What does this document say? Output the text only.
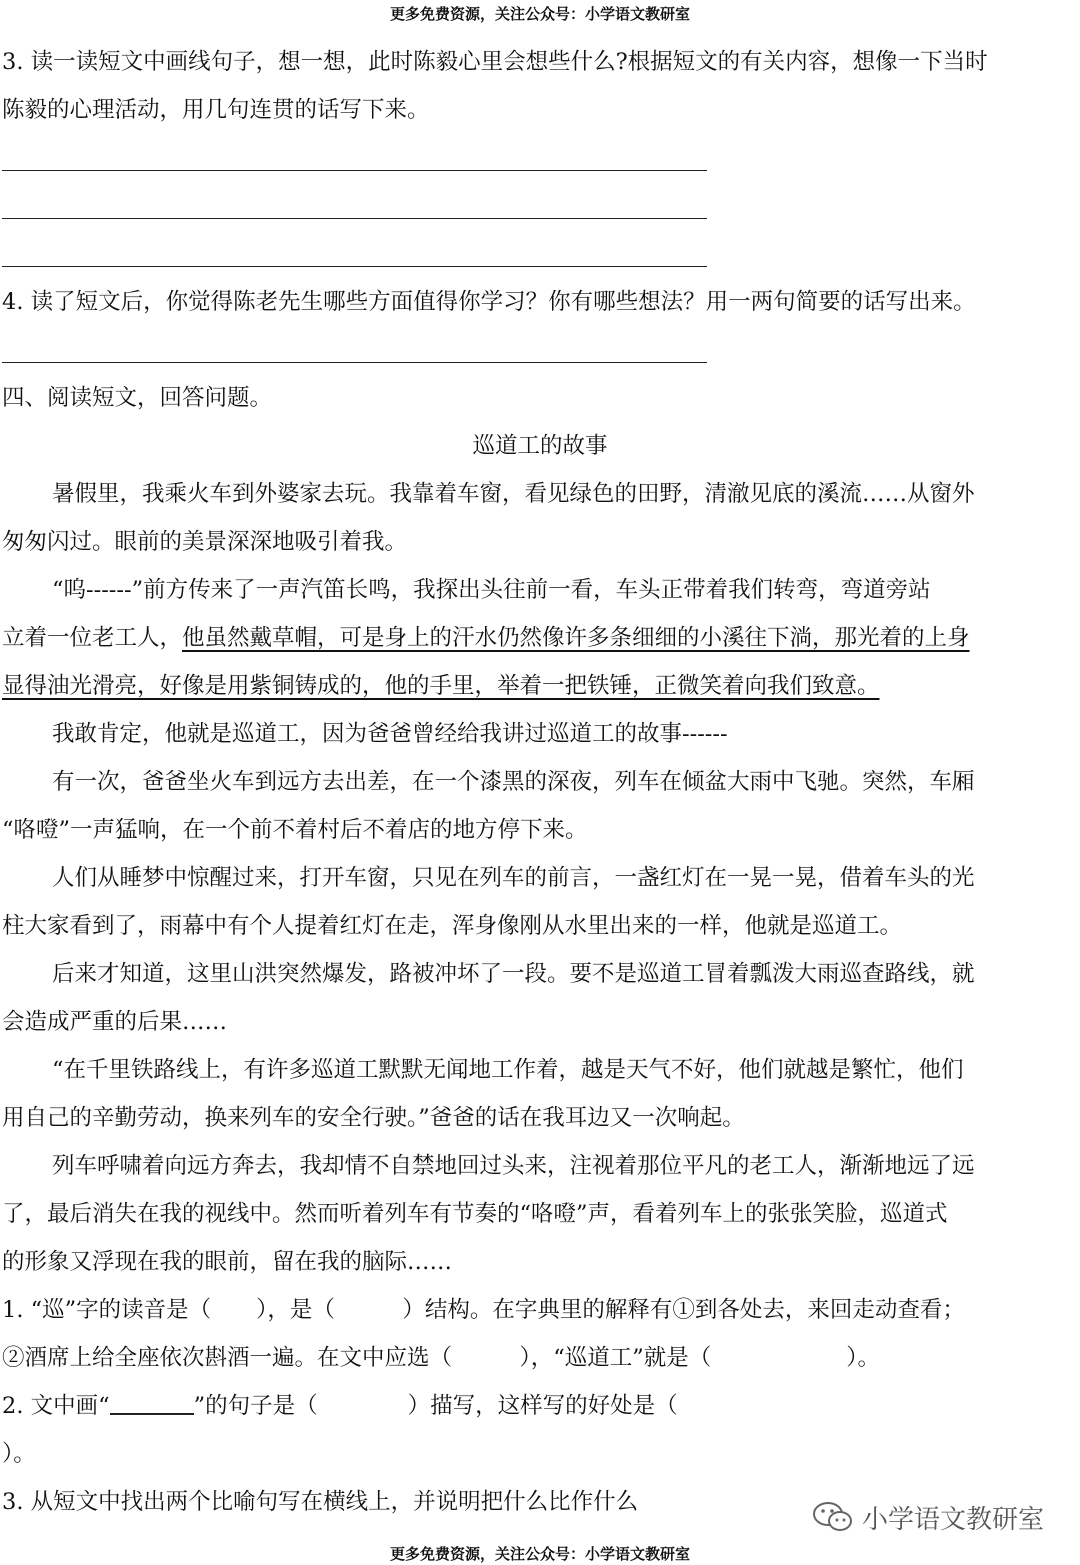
更多免费资源，关注公众号：小学语文教研室
3. 读一读短文中画线句子，想一想，此时陈毅心里会想些什么?根据短文的有关内容，想像一下当时
陈毅的心理活动，用几句连贯的话写下来。
4. 读了短文后，你觉得陈老先生哪些方面值得你学习？你有哪些想法？用一两句简要的话写出来。
四、阅读短文，回答问题。
巡道工的故事
暑假里，我乘火车到外婆家去玩。我靠着车窗，看见绿色的田野，清澈见底的溪流……从窗外
匆匆闪过。眼前的美景深深地吸引着我。
“呜------”前方传来了一声汽笛长鸣，我探出头往前一看，车头正带着我们转弯，弯道旁站
立着一位老工人，他虽然戴草帽，可是身上的汗水仍然像许多条细细的小溪往下淌，那光着的上身
显得油光滑亮，好像是用紫铜铸成的，他的手里，举着一把铁锤，正微笑着向我们致意。
我敢肯定，他就是巡道工，因为爸爸曾经给我讲过巡道工的故事------
有一次，爸爸坐火车到远方去出差，在一个漆黑的深夜，列车在倾盆大雨中飞驰。突然，车厢
“咯噔”一声猛响，在一个前不着村后不着店的地方停下来。
人们从睡梦中惊醒过来，打开车窗，只见在列车的前言，一盏红灯在一晃一晃，借着车头的光
柱大家看到了，雨幕中有个人提着红灯在走，浑身像刚从水里出来的一样，他就是巡道工。
后来才知道，这里山洪突然爆发，路被冲坏了一段。要不是巡道工冒着瓢泼大雨巡查路线，就
会造成严重的后果……
“在千里铁路线上，有许多巡道工默默无闻地工作着，越是天气不好，他们就越是繁忙，他们
用自己的辛勤劳动，换来列车的安全行驶。”爸爸的话在我耳边又一次响起。
列车呼啸着向远方奔去，我却情不自禁地回过头来，注视着那位平凡的老工人，渐渐地远了远
了，最后消失在我的视线中。然而听着列车有节奏的“咯噔”声，看着列车上的张张笑脸，巡道式
的形象又浮现在我的眼前，留在我的脑际……
1. “巡”字的读音是（　　），是（　　　）结构。在字典里的解释有①到各处去，来回走动查看；
②酒席上给全座依次斟酒一遍。在文中应选（　　　），“巡道工”就是（　　　　　　）。
2. 文中画“	”的句子是（　　　　）描写，这样写的好处是（
）。
3. 从短文中找出两个比喻句写在横线上，并说明把什么比作什么
小学语文教研室
更多免费资源，关注公众号：小学语文教研室
